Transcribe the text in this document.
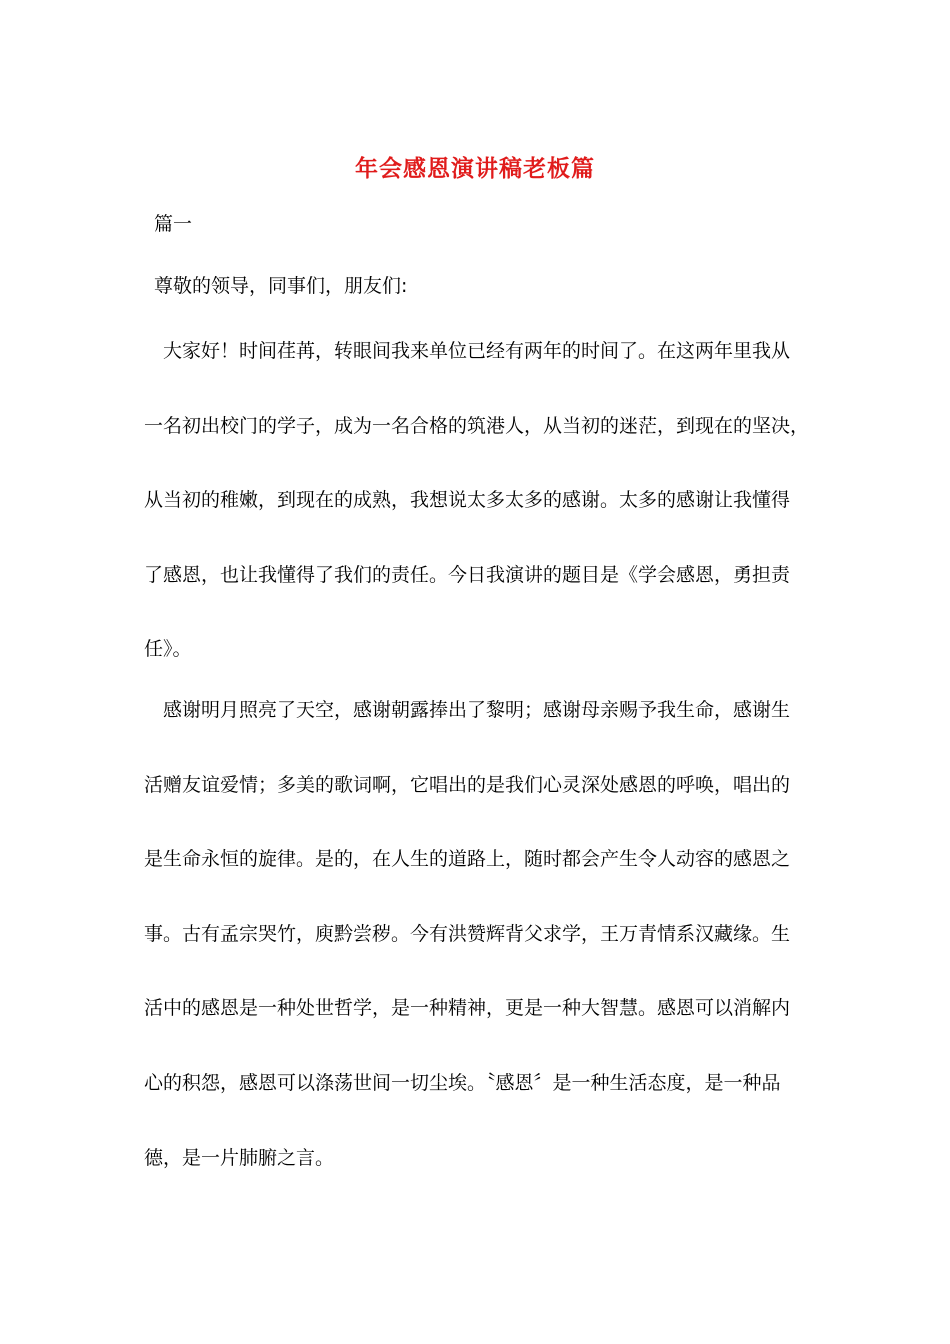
年会感恩演讲稿老板篇
篇一
尊敬的领导，同事们，朋友们:
大家好！时间荏苒，转眼间我来单位已经有两年的时间了。在这两年里我从
一名初出校门的学子，成为一名合格的筑港人，从当初的迷茫，到现在的坚决，
从当初的稚嫩，到现在的成熟，我想说太多太多的感谢。太多的感谢让我懂得
了感恩，也让我懂得了我们的责任。今日我演讲的题目是《学会感恩，勇担责
任》。
感谢明月照亮了天空，感谢朝露捧出了黎明；感谢母亲赐予我生命，感谢生
活赠友谊爱情；多美的歌词啊，它唱出的是我们心灵深处感恩的呼唤，唱出的
是生命永恒的旋律。是的，在人生的道路上，随时都会产生令人动容的感恩之
事。古有孟宗哭竹，庾黔尝秽。今有洪赞辉背父求学，王万青情系汉藏缘。生
活中的感恩是一种处世哲学，是一种精神，更是一种大智慧。感恩可以消解内
心的积怨，感恩可以涤荡世间一切尘埃。〝感恩〞是一种生活态度，是一种品
德，是一片肺腑之言。
